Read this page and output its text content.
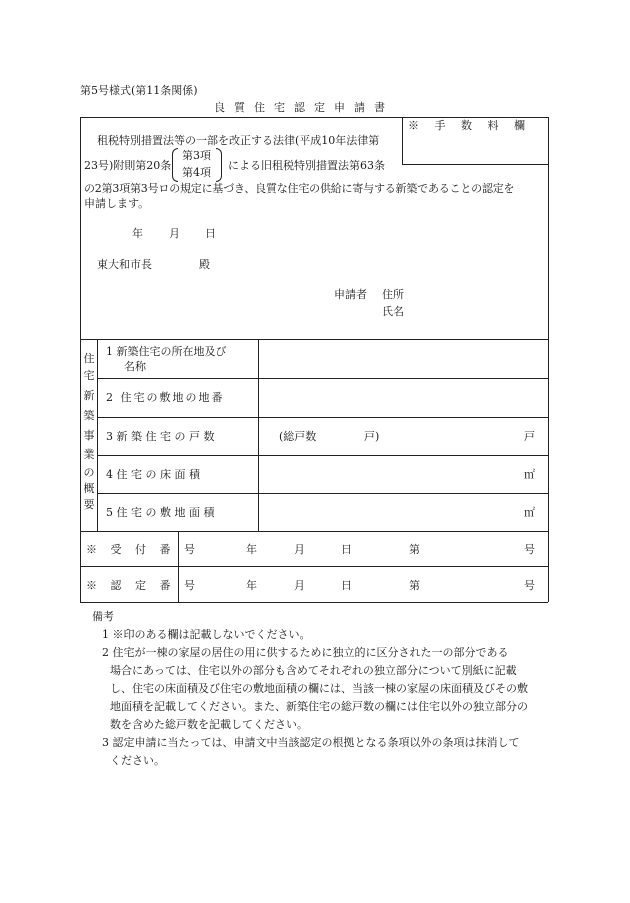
第5号様式(第11条関係)
良質住宅認定申請書
※ 手 数 料 欄
租税特別措置法等の一部を改正する法律(平成10年法律第
23号)附則第20条
第3項
第4項
による旧租税特別措置法第63条
の2第3項第3号ロの規定に基づき、良質な住宅の供給に寄与する新築であることの認定を
申請します。
年 月 日
東大和市長	殿
申請者 住所
氏名
住
宅
新
築
事
業
の
概
要
1 新築住宅の所在地及び
名称
2 住宅の敷地の地番
3 新 築 住 宅 の 戸 数	(総戸数	戸)	戸
4 住 宅 の 床 面 積	㎡
5 住 宅 の 敷 地 面 積	㎡
※ 受 付 番 号	年	月	日	第	号
※ 認 定 番 号	年	月	日	第	号
備考
1 ※印のある欄は記載しないでください。
2 住宅が一棟の家屋の居住の用に供するために独立的に区分された一の部分である
場合にあっては、住宅以外の部分も含めてそれぞれの独立部分について別紙に記載
し、住宅の床面積及び住宅の敷地面積の欄には、当該一棟の家屋の床面積及びその敷
地面積を記載してください。また、新築住宅の総戸数の欄には住宅以外の独立部分の
数を含めた総戸数を記載してください。
3 認定申請に当たっては、申請文中当該認定の根拠となる条項以外の条項は抹消して
ください。
